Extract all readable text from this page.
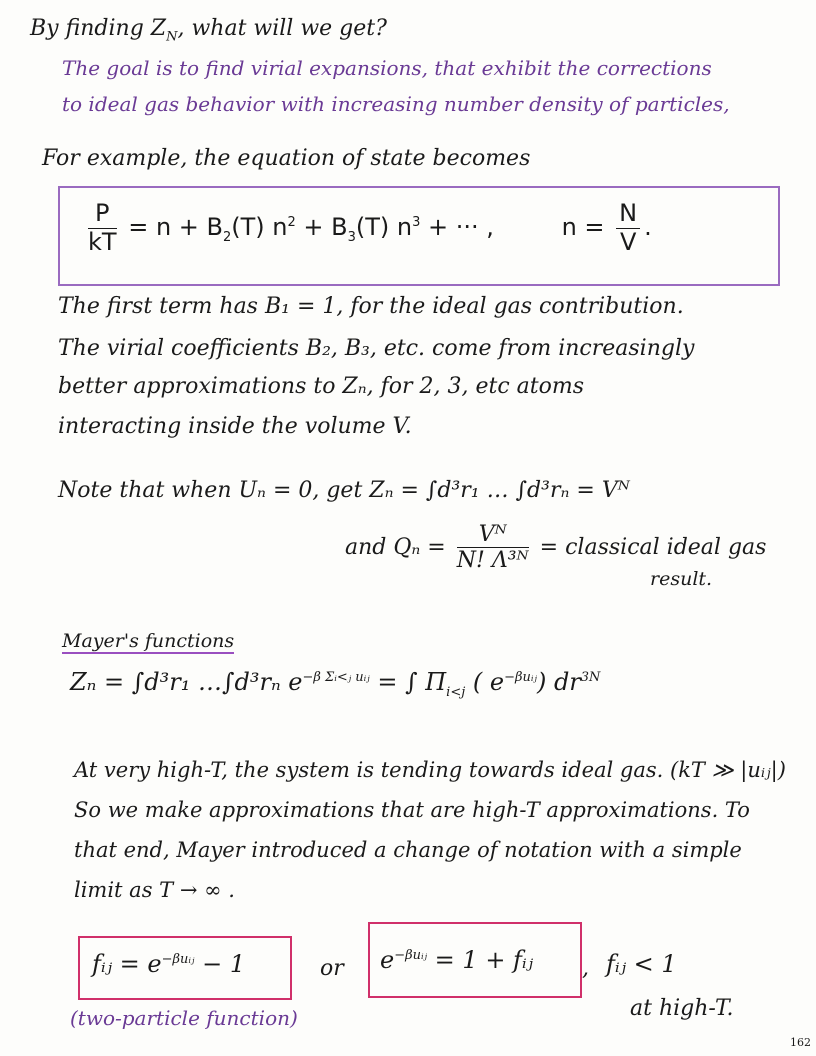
By finding $Z_N$, what will we get?
The goal is to find virial expansions, that exhibit the corrections
to ideal gas behavior with increasing number density of particles,
For example, the equation of state becomes
$\frac{P}{kT} = n + B_2(T) n^2 + B_3(T) n^3$ + ··· ,	$n = \frac{N}{V}$ .
The first term has B₁ = 1, for the ideal gas contribution.
The virial coefficients B₂, B₃, etc. come from increasingly
better approximations to Zₙ, for 2, 3, etc atoms
interacting inside the volume V.
Note that when Uₙ = 0, get Zₙ = ∫d³r₁ … ∫d³rₙ = Vᴺ
and $Q_n = \frac{\text{Vᴺ}}{\text{N! Λ³ᴺ}}$ = classical ideal gas
result.
Mayer's functions
Zₙ = ∫d³r₁ …∫d³rₙ $e^{-\beta \Sigma ᵢ<ⱼ uᵢⱼ}$ = ∫ $\Pi_{i<j}$ ( $e^{-\beta uᵢⱼ}$) $dr^{3N}$
At very high-T, the system is tending towards ideal gas. (kT ≫ |uᵢⱼ|)
So we make approximations that are high-T approximations. To
that end, Mayer introduced a change of notation with a simple
limit as T → ∞ .
fᵢⱼ = $e^{-\beta uᵢⱼ} - 1$	or $e^{-\beta uᵢⱼ} = 1$ + fᵢⱼ , fᵢⱼ < 1
at high-T.
(two-particle function)
162
